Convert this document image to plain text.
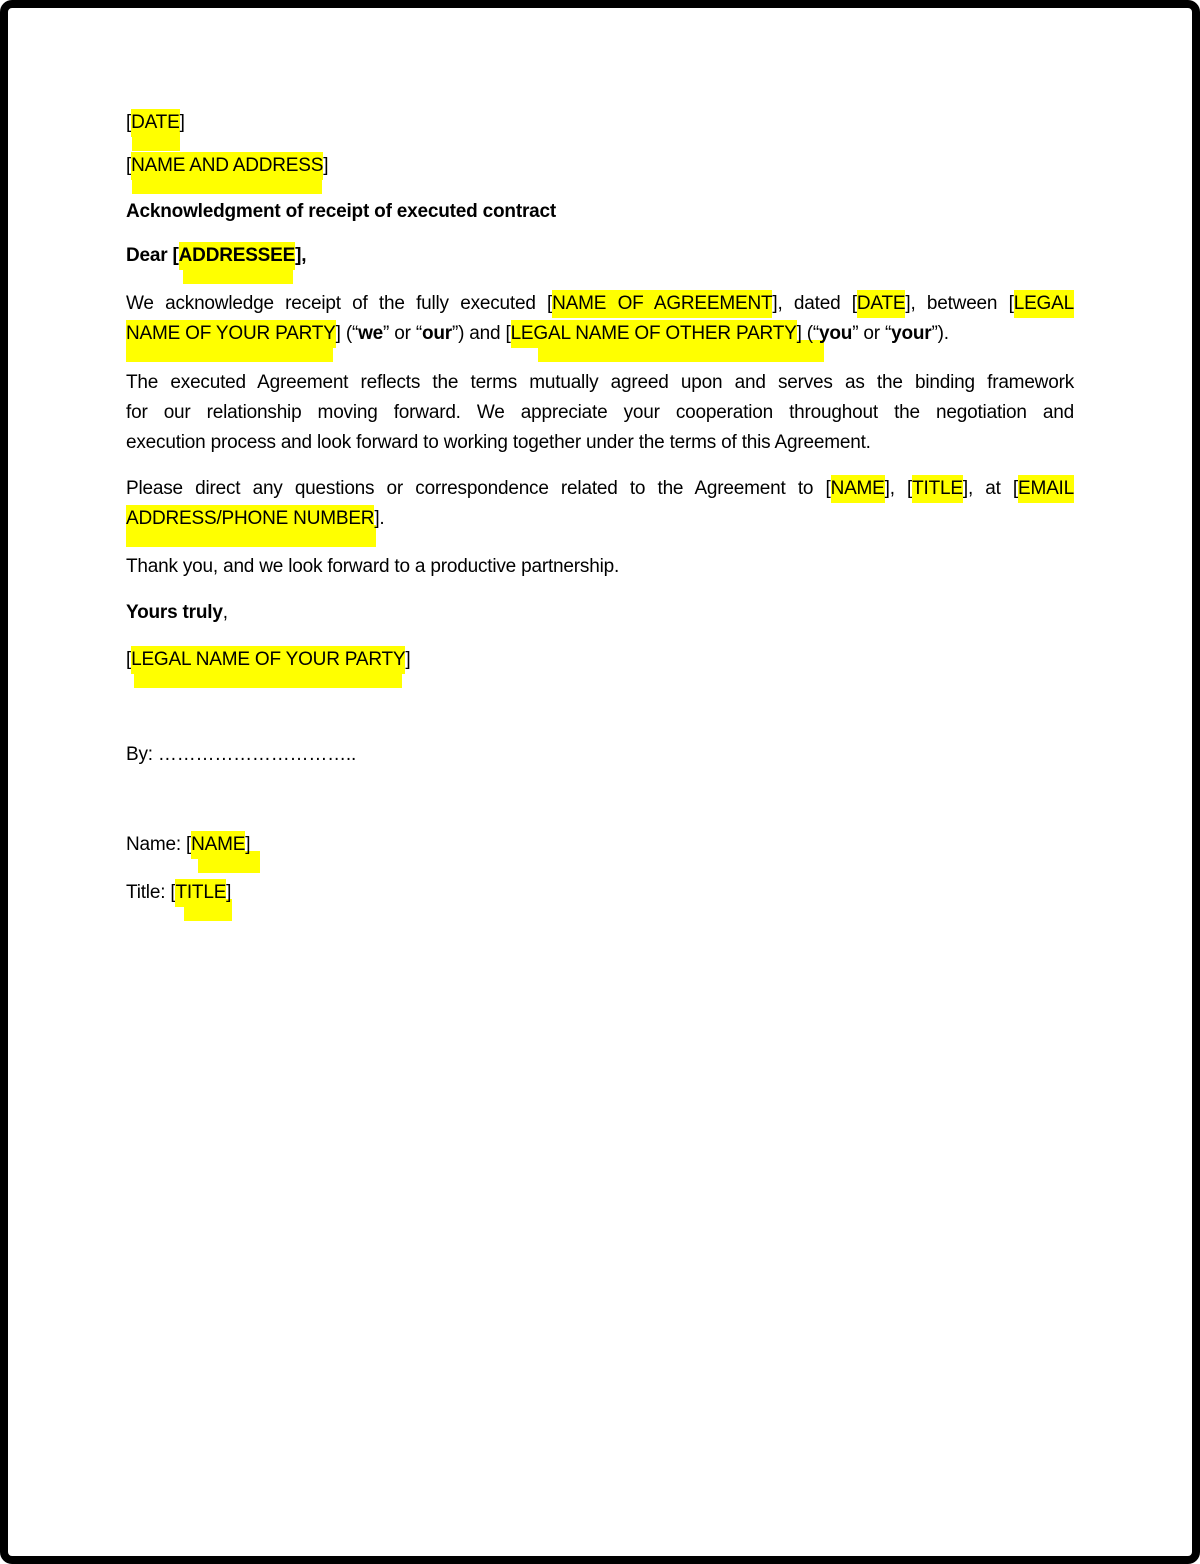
[DATE]
[NAME AND ADDRESS]
Acknowledgment of receipt of executed contract
Dear [ADDRESSEE],
We acknowledge receipt of the fully executed [NAME OF AGREEMENT], dated [DATE], between [LEGAL
NAME OF YOUR PARTY] (“we” or “our”) and [LEGAL NAME OF OTHER PARTY] (“you” or “your”).
The executed Agreement reflects the terms mutually agreed upon and serves as the binding framework
for our relationship moving forward. We appreciate your cooperation throughout the negotiation and
execution process and look forward to working together under the terms of this Agreement.
Please direct any questions or correspondence related to the Agreement to [NAME], [TITLE], at [EMAIL
ADDRESS/PHONE NUMBER].
Thank you, and we look forward to a productive partnership.
Yours truly,
[LEGAL NAME OF YOUR PARTY]
By: …………………………..
Name: [NAME]
Title: [TITLE]
